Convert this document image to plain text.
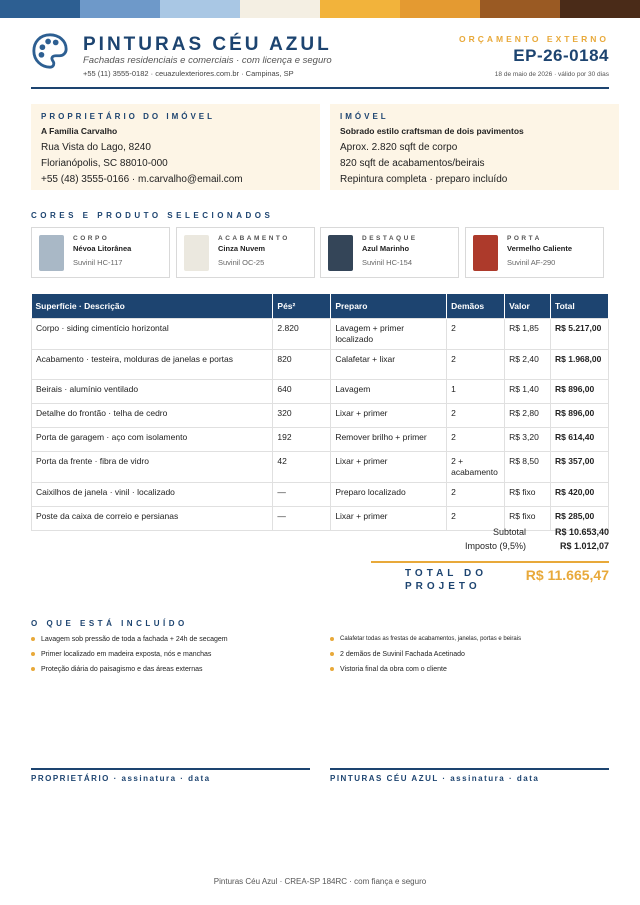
PINTURAS CÉU AZUL
Fachadas residenciais e comerciais · com licença e seguro
+55 (11) 3555-0182 · ceuazulexteriores.com.br · Campinas, SP
ORÇAMENTO EXTERNO
EP-26-0184
18 de maio de 2026 · válido por 30 dias
PROPRIETÁRIO DO IMÓVEL
A Família Carvalho
Rua Vista do Lago, 8240
Florianópolis, SC 88010-000
+55 (48) 3555-0166 · m.carvalho@email.com
IMÓVEL
Sobrado estilo craftsman de dois pavimentos
Aprox. 2.820 sqft de corpo
820 sqft de acabamentos/beirais
Repintura completa · preparo incluído
CORES E PRODUTO SELECIONADOS
CORPO
Névoa Litorânea
Suvinil HC-117
ACABAMENTO
Cinza Nuvem
Suvinil OC-25
DESTAQUE
Azul Marinho
Suvinil HC-154
PORTA
Vermelho Caliente
Suvinil AF-290
Superfície · Descrição	Pés²	Preparo	Demãos	Valor	Total
Corpo · siding cimentício horizontal	2.820	Lavagem + primer localizado	2	R$ 1,85	R$ 5.217,00
Acabamento · testeira, molduras de janelas e portas	820	Calafetar + lixar	2	R$ 2,40	R$ 1.968,00
Beirais · alumínio ventilado	640	Lavagem	1	R$ 1,40	R$ 896,00
Detalhe do frontão · telha de cedro	320	Lixar + primer	2	R$ 2,80	R$ 896,00
Porta de garagem · aço com isolamento	192	Remover brilho + primer	2	R$ 3,20	R$ 614,40
Porta da frente · fibra de vidro	42	Lixar + primer	2 + acabamento	R$ 8,50	R$ 357,00
Caixilhos de janela · vinil · localizado	—	Preparo localizado	2	R$ fixo	R$ 420,00
Poste da caixa de correio e persianas	—	Lixar + primer	2	R$ fixo	R$ 285,00
Subtotal	R$ 10.653,40
Imposto (9,5%)	R$ 1.012,07
TOTAL DO
PROJETO
R$ 11.665,47
O QUE ESTÁ INCLUÍDO
Lavagem sob pressão de toda a fachada + 24h de secagem
Primer localizado em madeira exposta, nós e manchas
Proteção diária do paisagismo e das áreas externas
Calafetar todas as frestas de acabamentos, janelas, portas e beirais
2 demãos de Suvinil Fachada Acetinado
Vistoria final da obra com o cliente
PROPRIETÁRIO · assinatura · data	PINTURAS CÉU AZUL · assinatura · data
Pinturas Céu Azul · CREA-SP 184RC · com fiança e seguro
